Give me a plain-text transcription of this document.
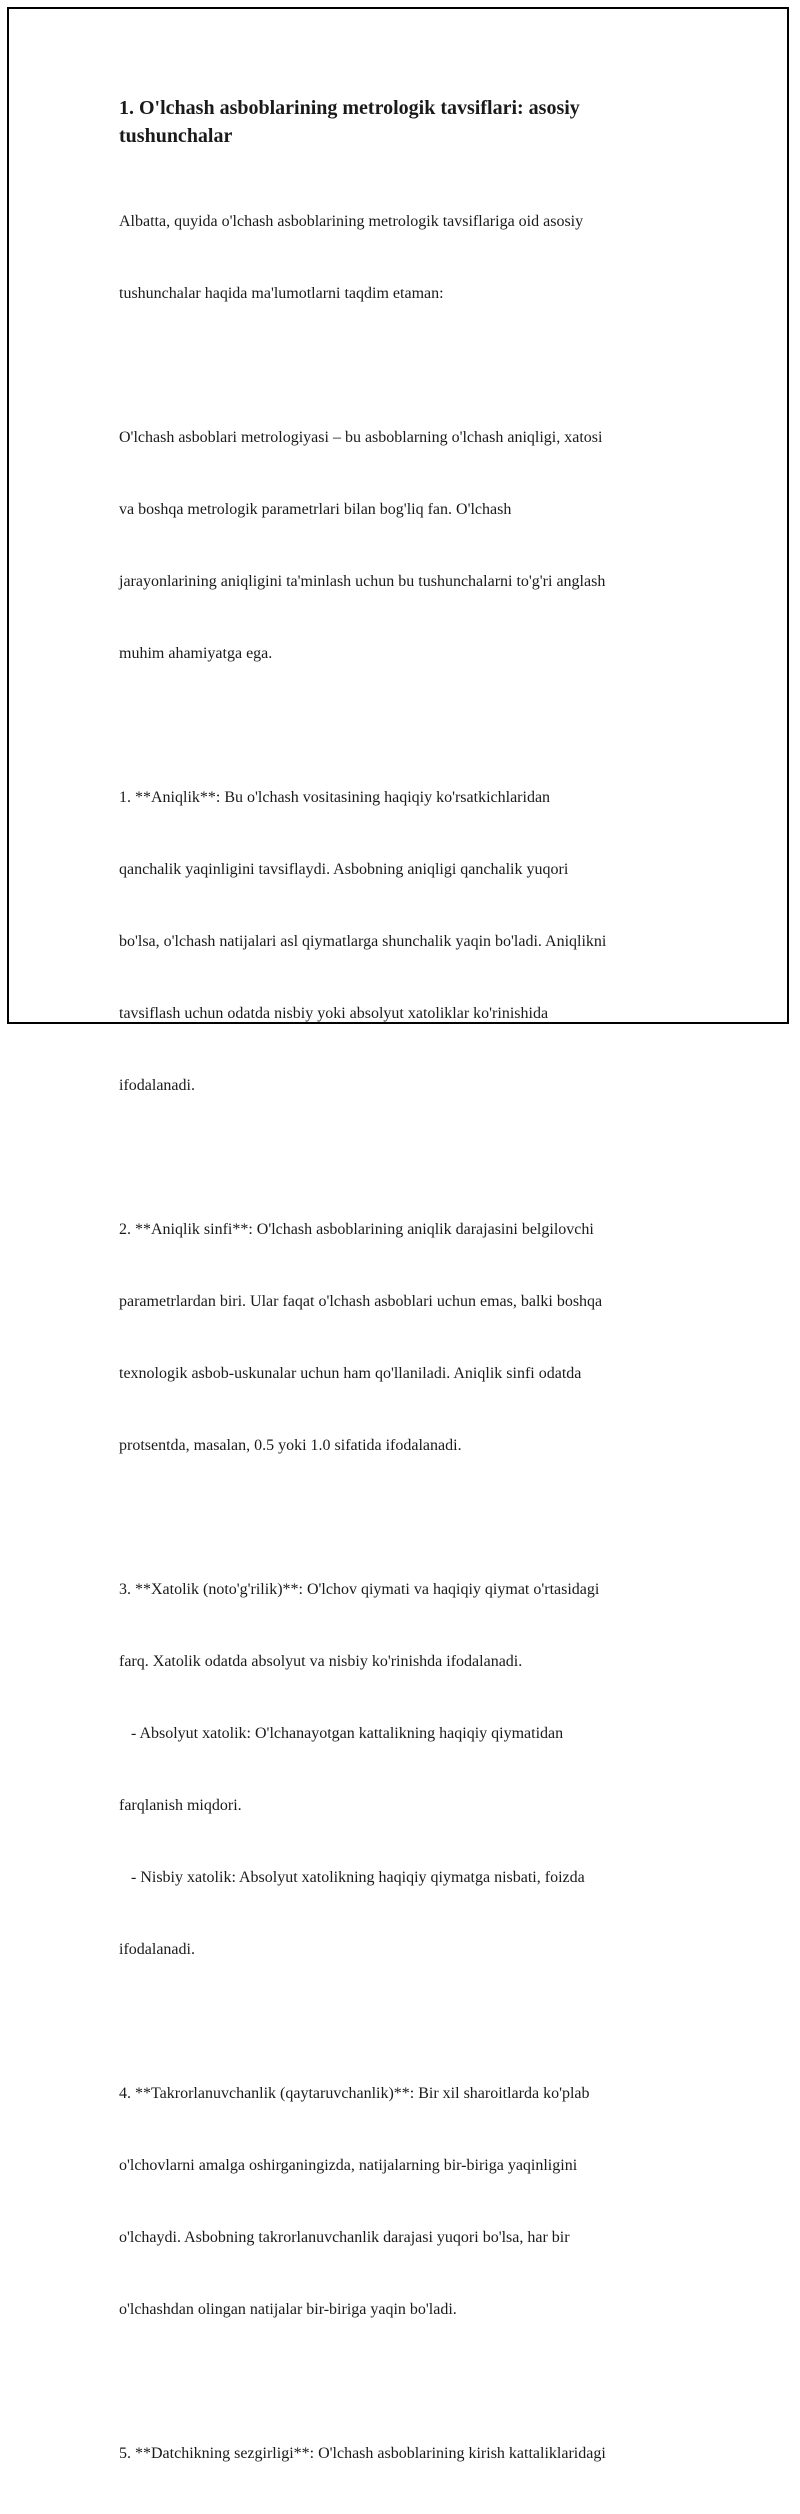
1. O'lchash asboblarining metrologik tavsiflari: asosiy
tushunchalar

Albatta, quyida o'lchash asboblarining metrologik tavsiflariga oid asosiy

tushunchalar haqida ma'lumotlarni taqdim etaman:

O'lchash asboblari metrologiyasi – bu asboblarning o'lchash aniqligi, xatosi

va boshqa metrologik parametrlari bilan bog'liq fan. O'lchash

jarayonlarining aniqligini ta'minlash uchun bu tushunchalarni to'g'ri anglash

muhim ahamiyatga ega.

1. **Aniqlik**: Bu o'lchash vositasining haqiqiy ko'rsatkichlaridan

qanchalik yaqinligini tavsiflaydi. Asbobning aniqligi qanchalik yuqori

bo'lsa, o'lchash natijalari asl qiymatlarga shunchalik yaqin bo'ladi. Aniqlikni

tavsiflash uchun odatda nisbiy yoki absolyut xatoliklar ko'rinishida

ifodalanadi.

2. **Aniqlik sinfi**: O'lchash asboblarining aniqlik darajasini belgilovchi

parametrlardan biri. Ular faqat o'lchash asboblari uchun emas, balki boshqa

texnologik asbob-uskunalar uchun ham qo'llaniladi. Aniqlik sinfi odatda

protsentda, masalan, 0.5 yoki 1.0 sifatida ifodalanadi.

3. **Xatolik (noto'g'rilik)**: O'lchov qiymati va haqiqiy qiymat o'rtasidagi

farq. Xatolik odatda absolyut va nisbiy ko'rinishda ifodalanadi.

- Absolyut xatolik: O'lchanayotgan kattalikning haqiqiy qiymatidan

farqlanish miqdori.

- Nisbiy xatolik: Absolyut xatolikning haqiqiy qiymatga nisbati, foizda

ifodalanadi.

4. **Takrorlanuvchanlik (qaytaruvchanlik)**: Bir xil sharoitlarda ko'plab

o'lchovlarni amalga oshirganingizda, natijalarning bir-biriga yaqinligini

o'lchaydi. Asbobning takrorlanuvchanlik darajasi yuqori bo'lsa, har bir

o'lchashdan olingan natijalar bir-biriga yaqin bo'ladi.

5. **Datchikning sezgirligi**: O'lchash asboblarining kirish kattaliklaridagi
